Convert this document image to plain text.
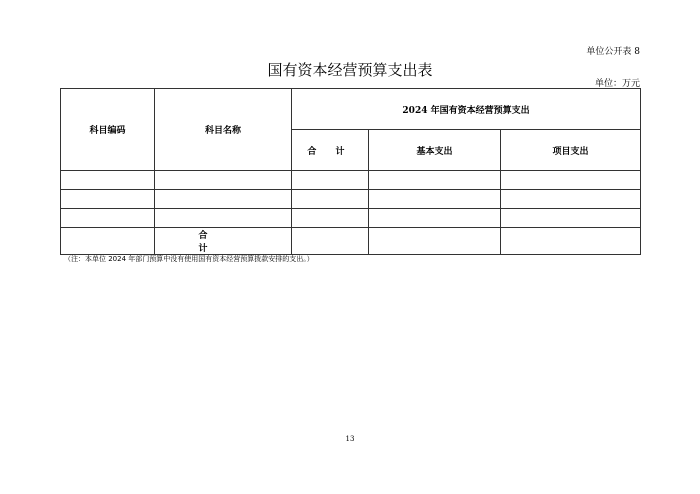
单位公开表 8
国有资本经营预算支出表
单位：万元
科目编码	科目名称	2024 年国有资本经营预算支出		
		合 计	基本支出	项目支出

	合 计			
（注：本单位 2024 年部门预算中没有使用国有资本经营预算拨款安排的支出。）
13
